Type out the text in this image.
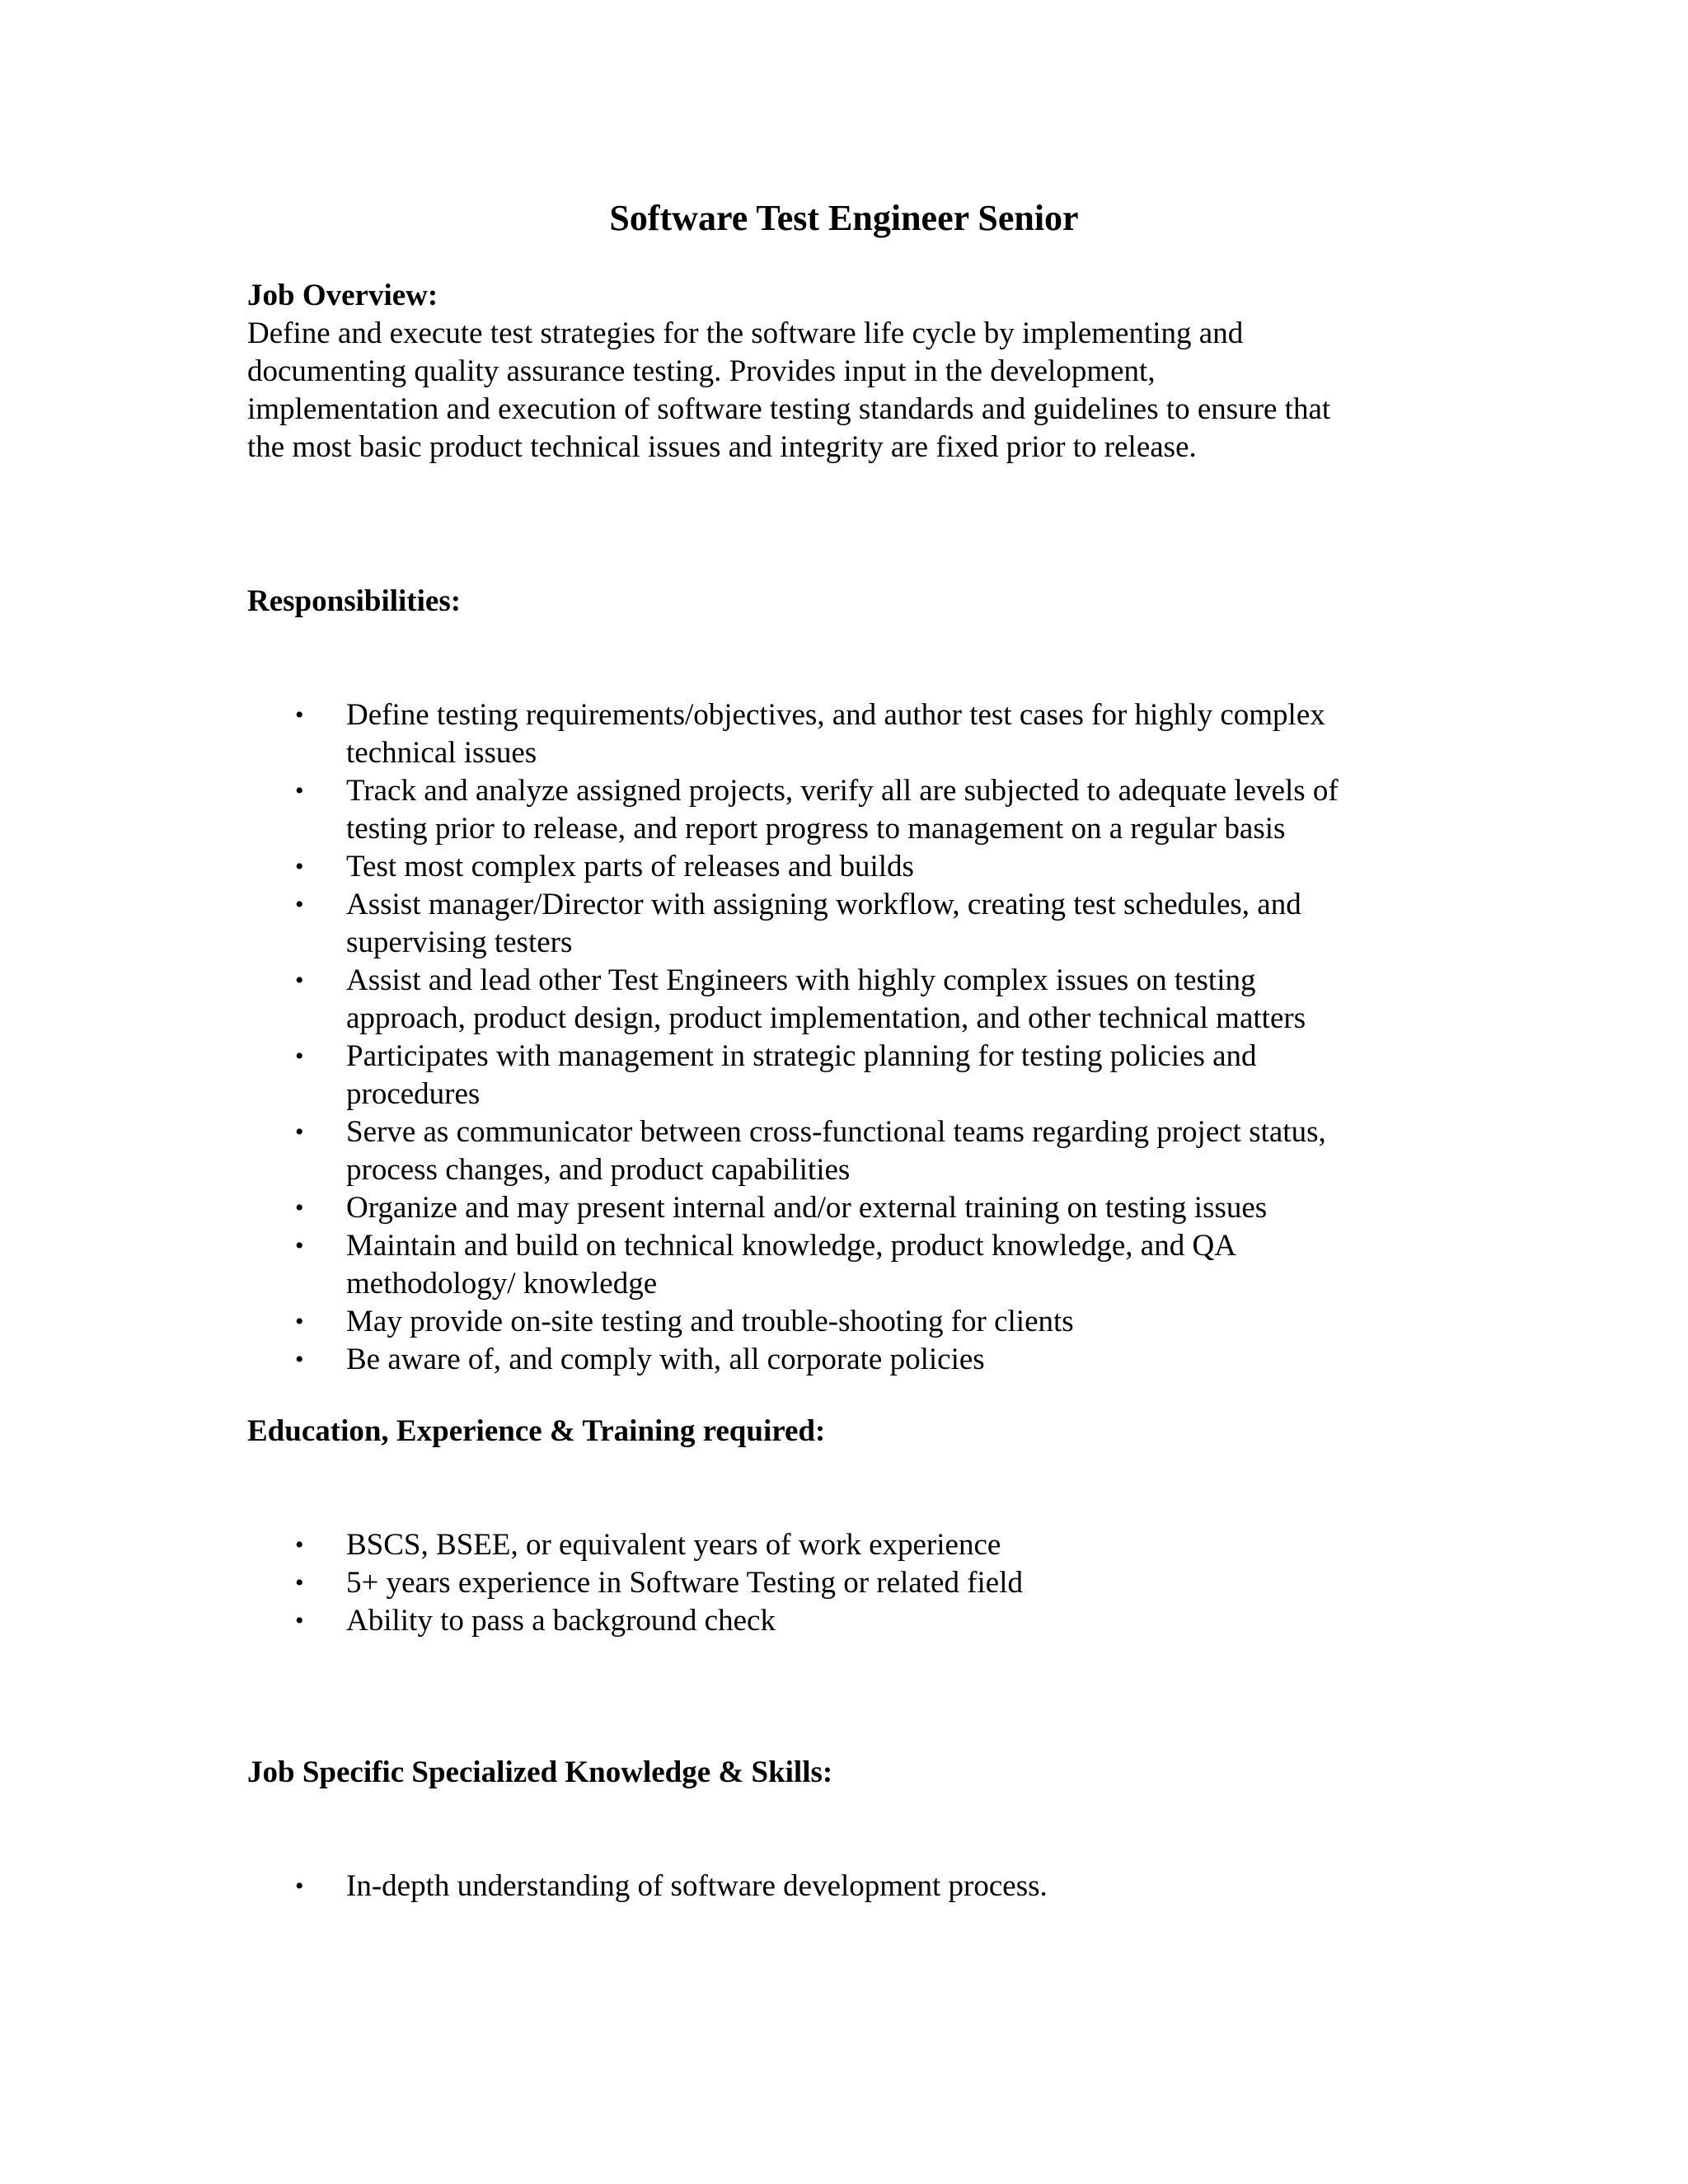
Software Test Engineer Senior
Job Overview:

Define and execute test strategies for the software life cycle by implementing and
documenting quality assurance testing. Provides input in the development,
implementation and execution of software testing standards and guidelines to ensure that
the most basic product technical issues and integrity are fixed prior to release.

Responsibilities:
• Define testing requirements/objectives, and author test cases for highly complex
technical issues
• Track and analyze assigned projects, verify all are subjected to adequate levels of
testing prior to release, and report progress to management on a regular basis
• Test most complex parts of releases and builds
• Assist manager/Director with assigning workflow, creating test schedules, and
supervising testers
• Assist and lead other Test Engineers with highly complex issues on testing
approach, product design, product implementation, and other technical matters
• Participates with management in strategic planning for testing policies and
procedures
• Serve as communicator between cross-functional teams regarding project status,
process changes, and product capabilities
• Organize and may present internal and/or external training on testing issues
• Maintain and build on technical knowledge, product knowledge, and QA
methodology/ knowledge
• May provide on-site testing and trouble-shooting for clients
• Be aware of, and comply with, all corporate policies
Education, Experience & Training required:
• BSCS, BSEE, or equivalent years of work experience
• 5+ years experience in Software Testing or related field
• Ability to pass a background check
Job Specific Specialized Knowledge & Skills:
• In-depth understanding of software development process.
